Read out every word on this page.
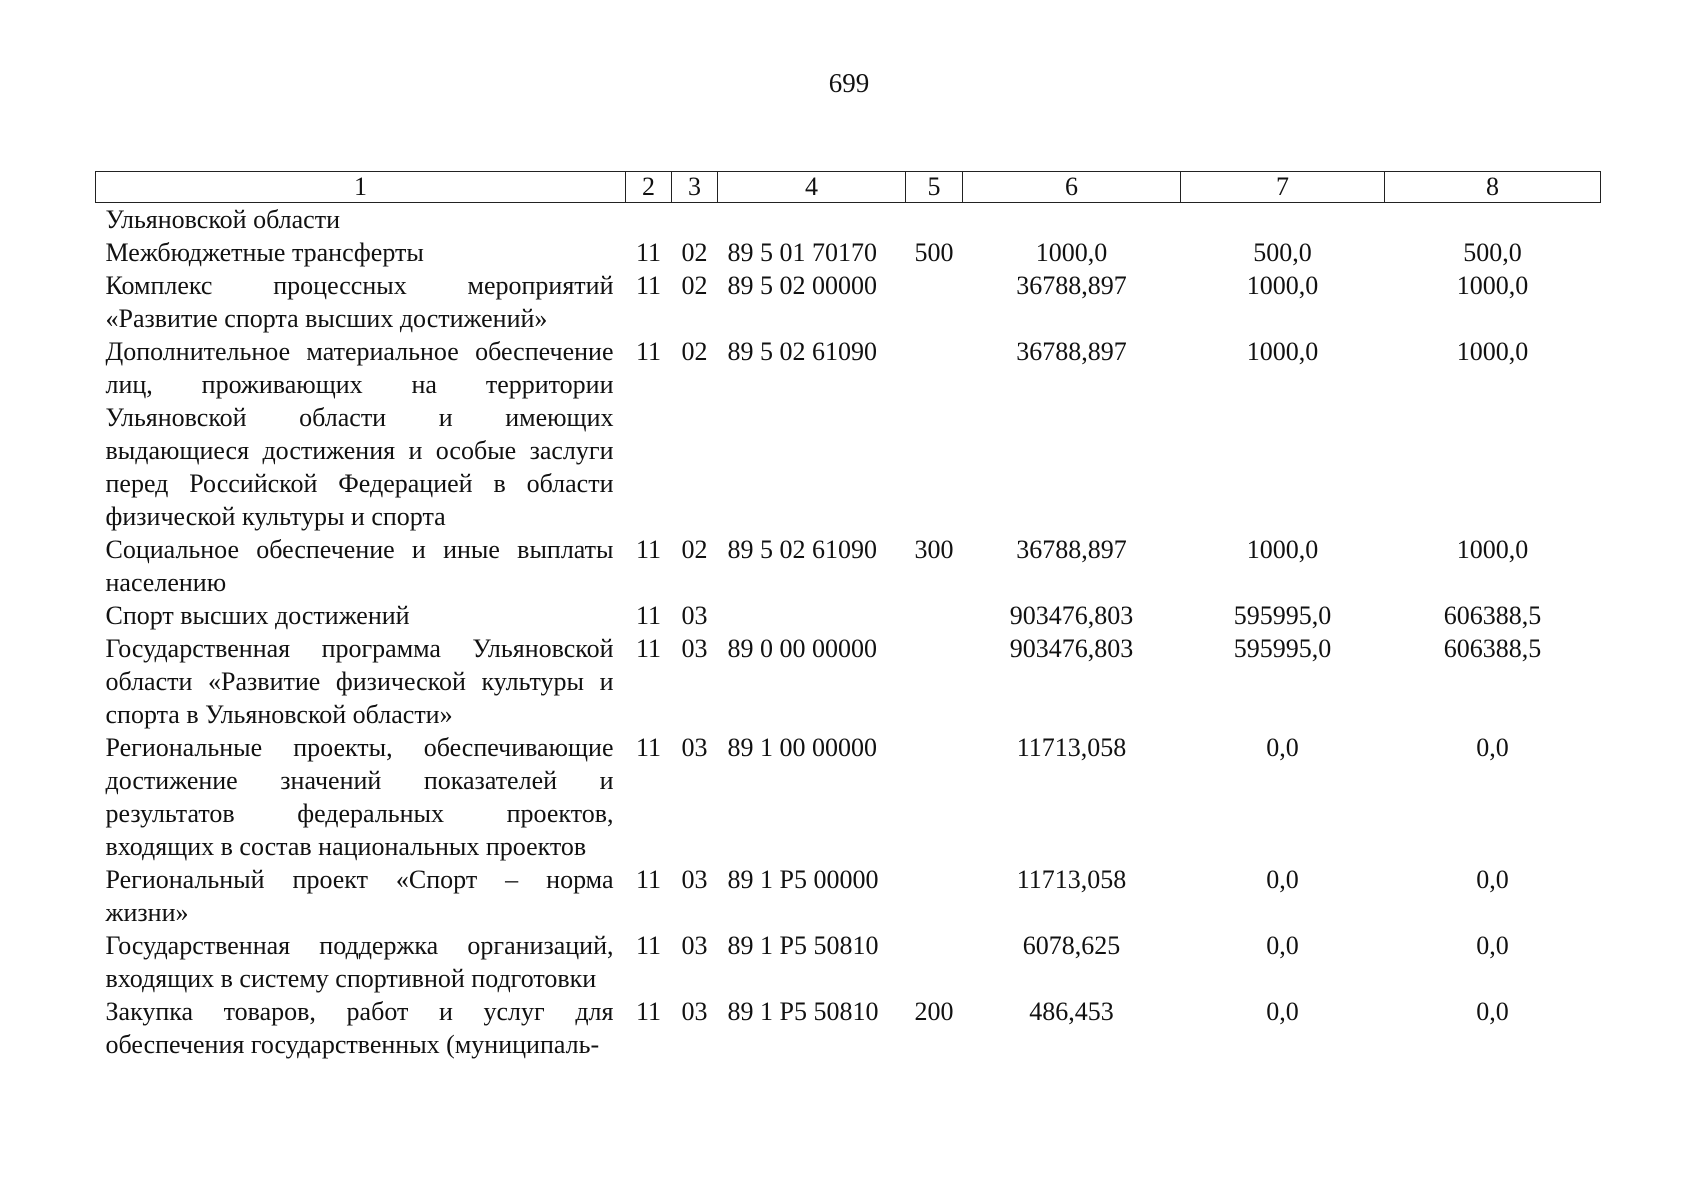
699
1	2	3	4	5	6	7	8
Ульяновской области							
Межбюджетные трансферты	11	02	89 5 01 70170	500	1000,0	500,0	500,0
Комплекс процессных мероприятий «Развитие спорта высших достижений»	11	02	89 5 02 00000		36788,897	1000,0	1000,0
Дополнительное материальное обеспечение лиц, проживающих на территории Ульяновской области и имеющих выдающиеся достижения и особые заслуги перед Российской Федерацией в области физической культуры и спорта	11	02	89 5 02 61090		36788,897	1000,0	1000,0
Социальное обеспечение и иные выплаты населению	11	02	89 5 02 61090	300	36788,897	1000,0	1000,0
Спорт высших достижений	11	03			903476,803	595995,0	606388,5
Государственная программа Ульяновской области «Развитие физической культуры и спорта в Ульяновской области»	11	03	89 0 00 00000		903476,803	595995,0	606388,5
Региональные проекты, обеспечивающие достижение значений показателей и результатов федеральных проектов, входящих в состав национальных проектов	11	03	89 1 00 00000		11713,058	0,0	0,0
Региональный проект «Спорт – норма жизни»	11	03	89 1 P5 00000		11713,058	0,0	0,0
Государственная поддержка организаций, входящих в систему спортивной подготовки	11	03	89 1 P5 50810		6078,625	0,0	0,0
Закупка товаров, работ и услуг для обеспечения государственных (муниципаль-	11	03	89 1 P5 50810	200	486,453	0,0	0,0
